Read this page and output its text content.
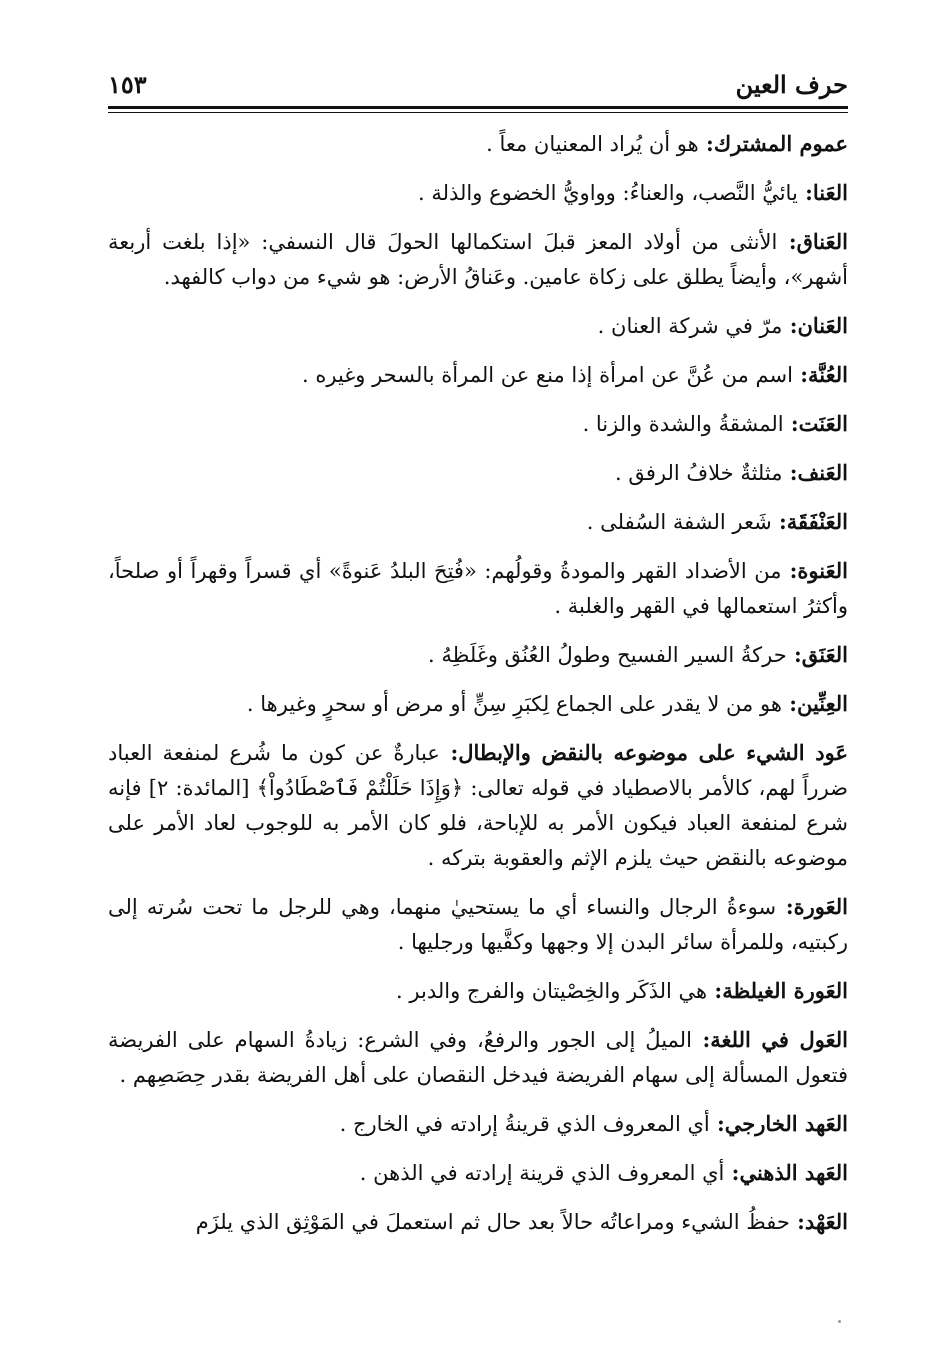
حرف العين
١٥٣

عموم المشترك: هو أن يُراد المعنيان معاً .

العَنا: يائيُّ النَّصب، والعناءُ: وواويُّ الخضوع والذلة .

العَناق: الأنثى من أولاد المعز قبلَ استكمالها الحولَ قال النسفي: «إذا بلغت أربعة أشهر»، وأيضاً يطلق على زكاة عامين. وعَناقُ الأرض: هو شيء من دواب كالفهد.

العَنان: مرّ في شركة العنان .

العُنَّة: اسم من عُنَّ عن امرأة إذا منع عن المرأة بالسحر وغيره .

العَنَت: المشقةُ والشدة والزنا .

العَنف: مثلثةٌ خلافُ الرفق .

العَنْفَقَة: شَعر الشفة السُفلى .

العَنوة: من الأضداد القهر والمودةُ وقولُهم: «فُتِحَ البلدُ عَنوةً» أي قسراً وقهراً أو صلحاً، وأكثرُ استعمالها في القهر والغلبة .

العَنَق: حركةُ السير الفسيح وطولُ العُنُق وغَلَظِهُ .

العِنِّين: هو من لا يقدر على الجماع لِكبَرِ سِنٍّ أو مرض أو سحرٍ وغيرها .

عَود الشيء على موضوعه بالنقض والإبطال: عبارةٌ عن كون ما شُرع لمنفعة العباد ضرراً لهم، كالأمر بالاصطياد في قوله تعالى: ﴿وَإِذَا حَلَلْتُمْ فَٱصْطَادُواْ﴾ [المائدة: ٢] فإنه شرع لمنفعة العباد فيكون الأمر به للإباحة، فلو كان الأمر به للوجوب لعاد الأمر على موضوعه بالنقض حيث يلزم الإثم والعقوبة بتركه .

العَورة: سوءةُ الرجال والنساء أي ما يستحييٰ منهما، وهي للرجل ما تحت سُرته إلى ركبتيه، وللمرأة سائر البدن إلا وجهها وكفَّيها ورجليها .

العَورة الغيلظة: هي الذَكَر والخِصْيتان والفرج والدبر .

العَول في اللغة: الميلُ إلى الجور والرفعُ، وفي الشرع: زيادةُ السهام على الفريضة فتعول المسألة إلى سهام الفريضة فيدخل النقصان على أهل الفريضة بقدر حِصَصِهم .

العَهد الخارجي: أي المعروف الذي قرينةُ إرادته في الخارج .

العَهد الذهني: أي المعروف الذي قرينة إرادته في الذهن .

العَهْد: حفظُ الشيء ومراعاتُه حالاً بعد حال ثم استعملَ في المَوْثِق الذي يلزَم
